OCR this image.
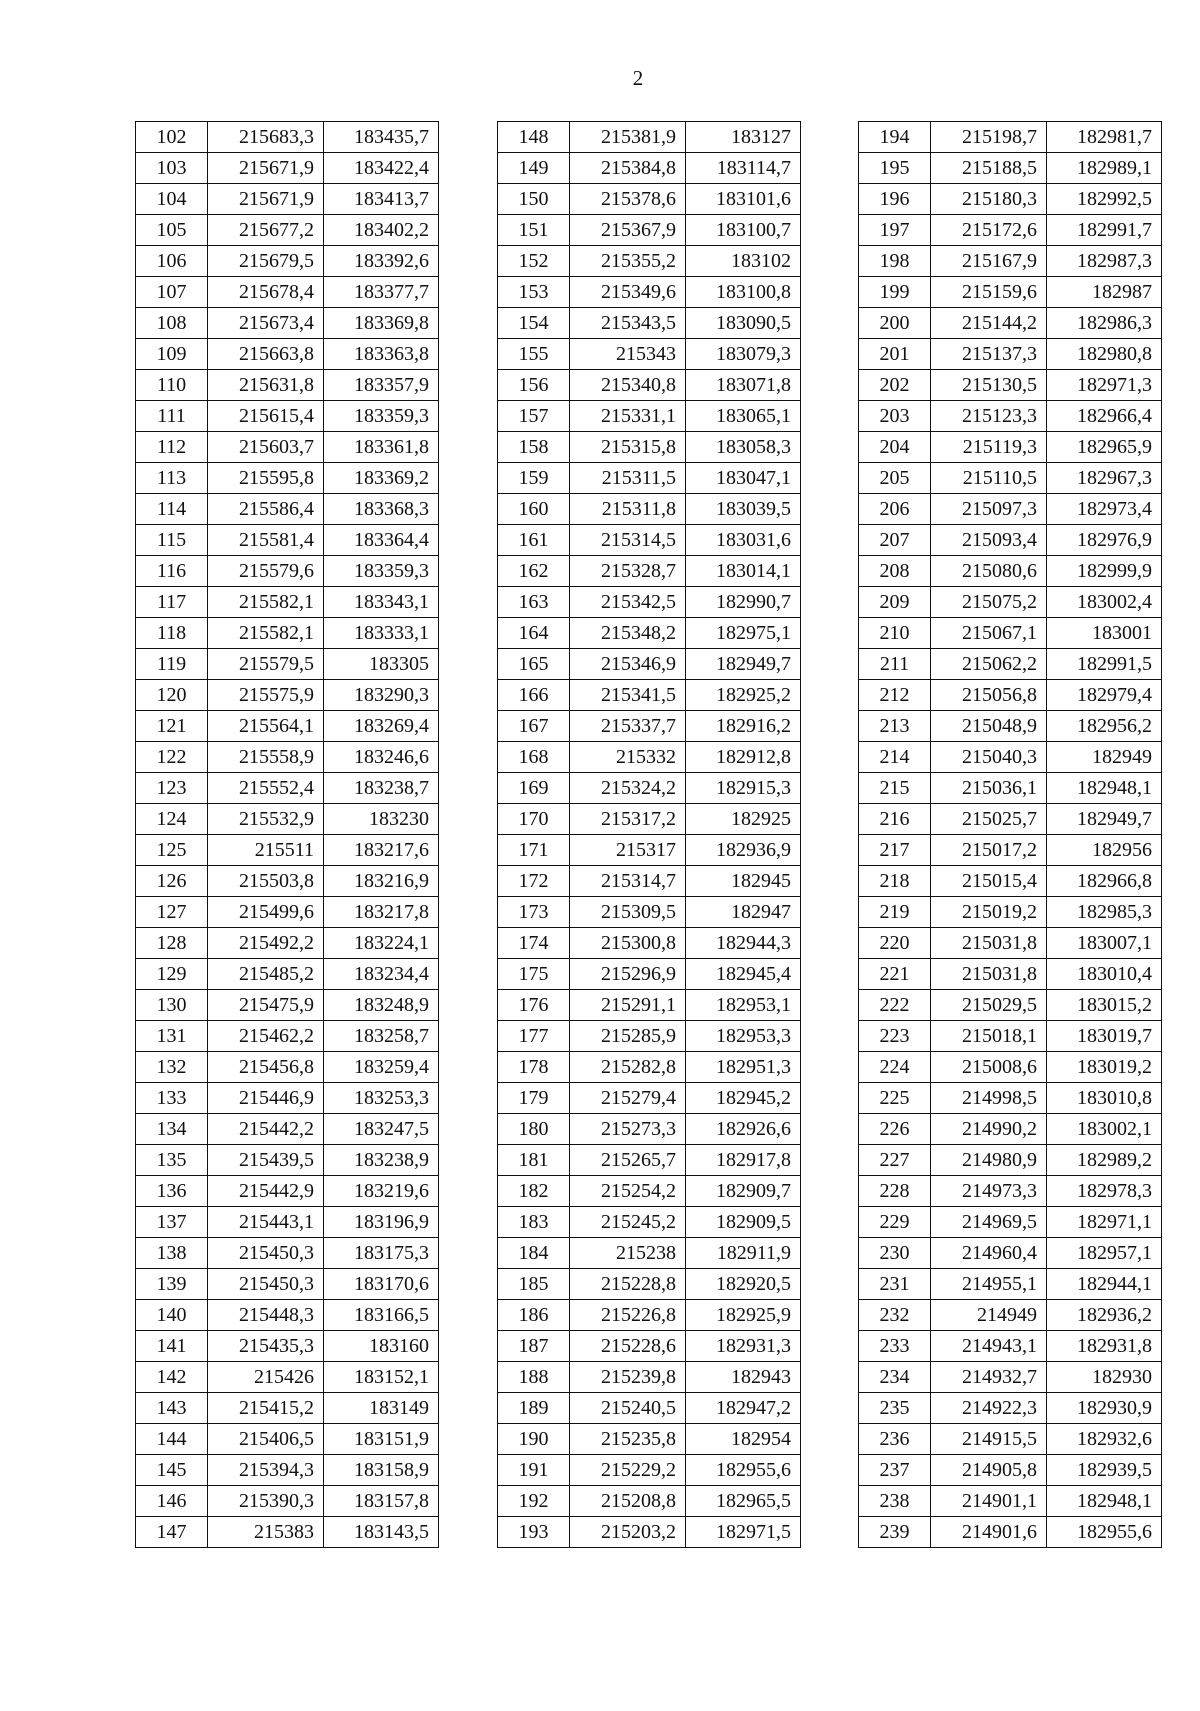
2
102	215683,3	183435,7
103	215671,9	183422,4
104	215671,9	183413,7
105	215677,2	183402,2
106	215679,5	183392,6
107	215678,4	183377,7
108	215673,4	183369,8
109	215663,8	183363,8
110	215631,8	183357,9
111	215615,4	183359,3
112	215603,7	183361,8
113	215595,8	183369,2
114	215586,4	183368,3
115	215581,4	183364,4
116	215579,6	183359,3
117	215582,1	183343,1
118	215582,1	183333,1
119	215579,5	183305
120	215575,9	183290,3
121	215564,1	183269,4
122	215558,9	183246,6
123	215552,4	183238,7
124	215532,9	183230
125	215511	183217,6
126	215503,8	183216,9
127	215499,6	183217,8
128	215492,2	183224,1
129	215485,2	183234,4
130	215475,9	183248,9
131	215462,2	183258,7
132	215456,8	183259,4
133	215446,9	183253,3
134	215442,2	183247,5
135	215439,5	183238,9
136	215442,9	183219,6
137	215443,1	183196,9
138	215450,3	183175,3
139	215450,3	183170,6
140	215448,3	183166,5
141	215435,3	183160
142	215426	183152,1
143	215415,2	183149
144	215406,5	183151,9
145	215394,3	183158,9
146	215390,3	183157,8
147	215383	183143,5
148	215381,9	183127
149	215384,8	183114,7
150	215378,6	183101,6
151	215367,9	183100,7
152	215355,2	183102
153	215349,6	183100,8
154	215343,5	183090,5
155	215343	183079,3
156	215340,8	183071,8
157	215331,1	183065,1
158	215315,8	183058,3
159	215311,5	183047,1
160	215311,8	183039,5
161	215314,5	183031,6
162	215328,7	183014,1
163	215342,5	182990,7
164	215348,2	182975,1
165	215346,9	182949,7
166	215341,5	182925,2
167	215337,7	182916,2
168	215332	182912,8
169	215324,2	182915,3
170	215317,2	182925
171	215317	182936,9
172	215314,7	182945
173	215309,5	182947
174	215300,8	182944,3
175	215296,9	182945,4
176	215291,1	182953,1
177	215285,9	182953,3
178	215282,8	182951,3
179	215279,4	182945,2
180	215273,3	182926,6
181	215265,7	182917,8
182	215254,2	182909,7
183	215245,2	182909,5
184	215238	182911,9
185	215228,8	182920,5
186	215226,8	182925,9
187	215228,6	182931,3
188	215239,8	182943
189	215240,5	182947,2
190	215235,8	182954
191	215229,2	182955,6
192	215208,8	182965,5
193	215203,2	182971,5
194	215198,7	182981,7
195	215188,5	182989,1
196	215180,3	182992,5
197	215172,6	182991,7
198	215167,9	182987,3
199	215159,6	182987
200	215144,2	182986,3
201	215137,3	182980,8
202	215130,5	182971,3
203	215123,3	182966,4
204	215119,3	182965,9
205	215110,5	182967,3
206	215097,3	182973,4
207	215093,4	182976,9
208	215080,6	182999,9
209	215075,2	183002,4
210	215067,1	183001
211	215062,2	182991,5
212	215056,8	182979,4
213	215048,9	182956,2
214	215040,3	182949
215	215036,1	182948,1
216	215025,7	182949,7
217	215017,2	182956
218	215015,4	182966,8
219	215019,2	182985,3
220	215031,8	183007,1
221	215031,8	183010,4
222	215029,5	183015,2
223	215018,1	183019,7
224	215008,6	183019,2
225	214998,5	183010,8
226	214990,2	183002,1
227	214980,9	182989,2
228	214973,3	182978,3
229	214969,5	182971,1
230	214960,4	182957,1
231	214955,1	182944,1
232	214949	182936,2
233	214943,1	182931,8
234	214932,7	182930
235	214922,3	182930,9
236	214915,5	182932,6
237	214905,8	182939,5
238	214901,1	182948,1
239	214901,6	182955,6
